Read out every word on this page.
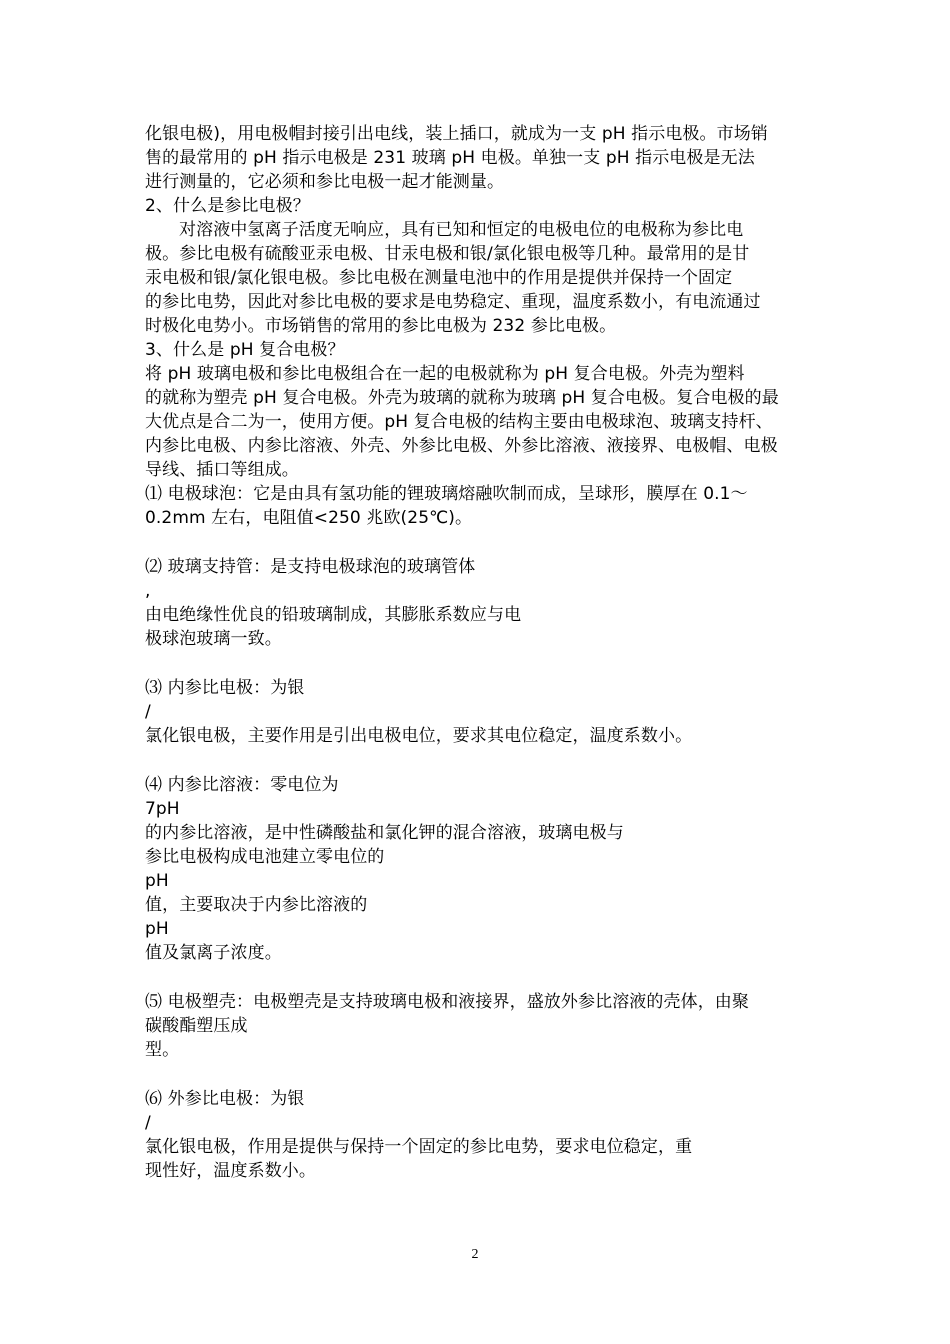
化银电极)，用电极帽封接引出电线，装上插口，就成为一支 pH 指示电极。市场销
售的最常用的 pH 指示电极是 231 玻璃 pH 电极。单独一支 pH 指示电极是无法
进行测量的，它必须和参比电极一起才能测量。
2、什么是参比电极？
对溶液中氢离子活度无响应，具有已知和恒定的电极电位的电极称为参比电
极。参比电极有硫酸亚汞电极、甘汞电极和银/氯化银电极等几种。最常用的是甘
汞电极和银/氯化银电极。参比电极在测量电池中的作用是提供并保持一个固定
的参比电势，因此对参比电极的要求是电势稳定、重现，温度系数小，有电流通过
时极化电势小。市场销售的常用的参比电极为 232 参比电极。
3、什么是 pH 复合电极？
将 pH 玻璃电极和参比电极组合在一起的电极就称为 pH 复合电极。外壳为塑料
的就称为塑壳 pH 复合电极。外壳为玻璃的就称为玻璃 pH 复合电极。复合电极的最
大优点是合二为一，使用方便。pH 复合电极的结构主要由电极球泡、玻璃支持杆、
内参比电极、内参比溶液、外壳、外参比电极、外参比溶液、液接界、电极帽、电极
导线、插口等组成。
⑴ 电极球泡：它是由具有氢功能的锂玻璃熔融吹制而成，呈球形，膜厚在 0.1～
0.2mm 左右，电阻值<250 兆欧(25℃)。
⑵ 玻璃支持管：是支持电极球泡的玻璃管体
,
由电绝缘性优良的铅玻璃制成，其膨胀系数应与电
极球泡玻璃一致。
⑶ 内参比电极：为银
/
氯化银电极，主要作用是引出电极电位，要求其电位稳定，温度系数小。
⑷ 内参比溶液：零电位为
7pH
的内参比溶液，是中性磷酸盐和氯化钾的混合溶液，玻璃电极与
参比电极构成电池建立零电位的
pH
值，主要取决于内参比溶液的
pH
值及氯离子浓度。
⑸ 电极塑壳：电极塑壳是支持玻璃电极和液接界，盛放外参比溶液的壳体，由聚
碳酸酯塑压成
型。
⑹ 外参比电极：为银
/
氯化银电极，作用是提供与保持一个固定的参比电势，要求电位稳定，重
现性好，温度系数小。
2
